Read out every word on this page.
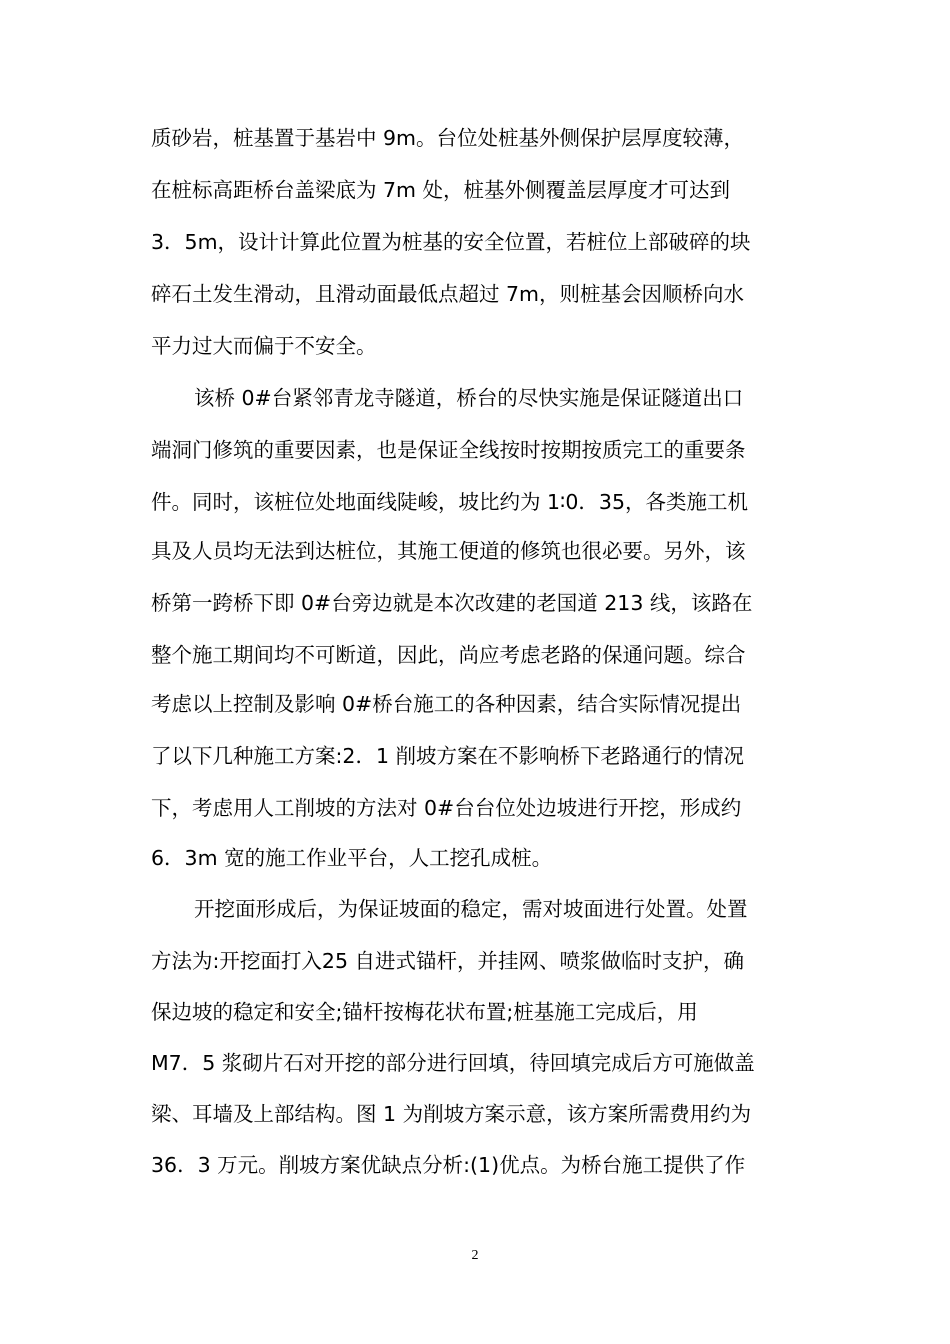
质砂岩，桩基置于基岩中 9m。台位处桩基外侧保护层厚度较薄，
在桩标高距桥台盖梁底为 7m 处，桩基外侧覆盖层厚度才可达到
3．5m，设计计算此位置为桩基的安全位置，若桩位上部破碎的块
碎石土发生滑动，且滑动面最低点超过 7m，则桩基会因顺桥向水
平力过大而偏于不安全。
该桥 0#台紧邻青龙寺隧道，桥台的尽快实施是保证隧道出口
端洞门修筑的重要因素，也是保证全线按时按期按质完工的重要条
件。同时，该桩位处地面线陡峻，坡比约为 1∶0．35，各类施工机
具及人员均无法到达桩位，其施工便道的修筑也很必要。另外，该
桥第一跨桥下即 0#台旁边就是本次改建的老国道 213 线，该路在
整个施工期间均不可断道，因此，尚应考虑老路的保通问题。综合
考虑以上控制及影响 0#桥台施工的各种因素，结合实际情况提出
了以下几种施工方案:2．1 削坡方案在不影响桥下老路通行的情况
下，考虑用人工削坡的方法对 0#台台位处边坡进行开挖，形成约
6．3m 宽的施工作业平台，人工挖孔成桩。
开挖面形成后，为保证坡面的稳定，需对坡面进行处置。处置
方法为:开挖面打入25 自进式锚杆，并挂网、喷浆做临时支护，确
保边坡的稳定和安全;锚杆按梅花状布置;桩基施工完成后，用
M7．5 浆砌片石对开挖的部分进行回填，待回填完成后方可施做盖
梁、耳墙及上部结构。图 1 为削坡方案示意，该方案所需费用约为
36．3 万元。削坡方案优缺点分析:(1)优点。为桥台施工提供了作
2
